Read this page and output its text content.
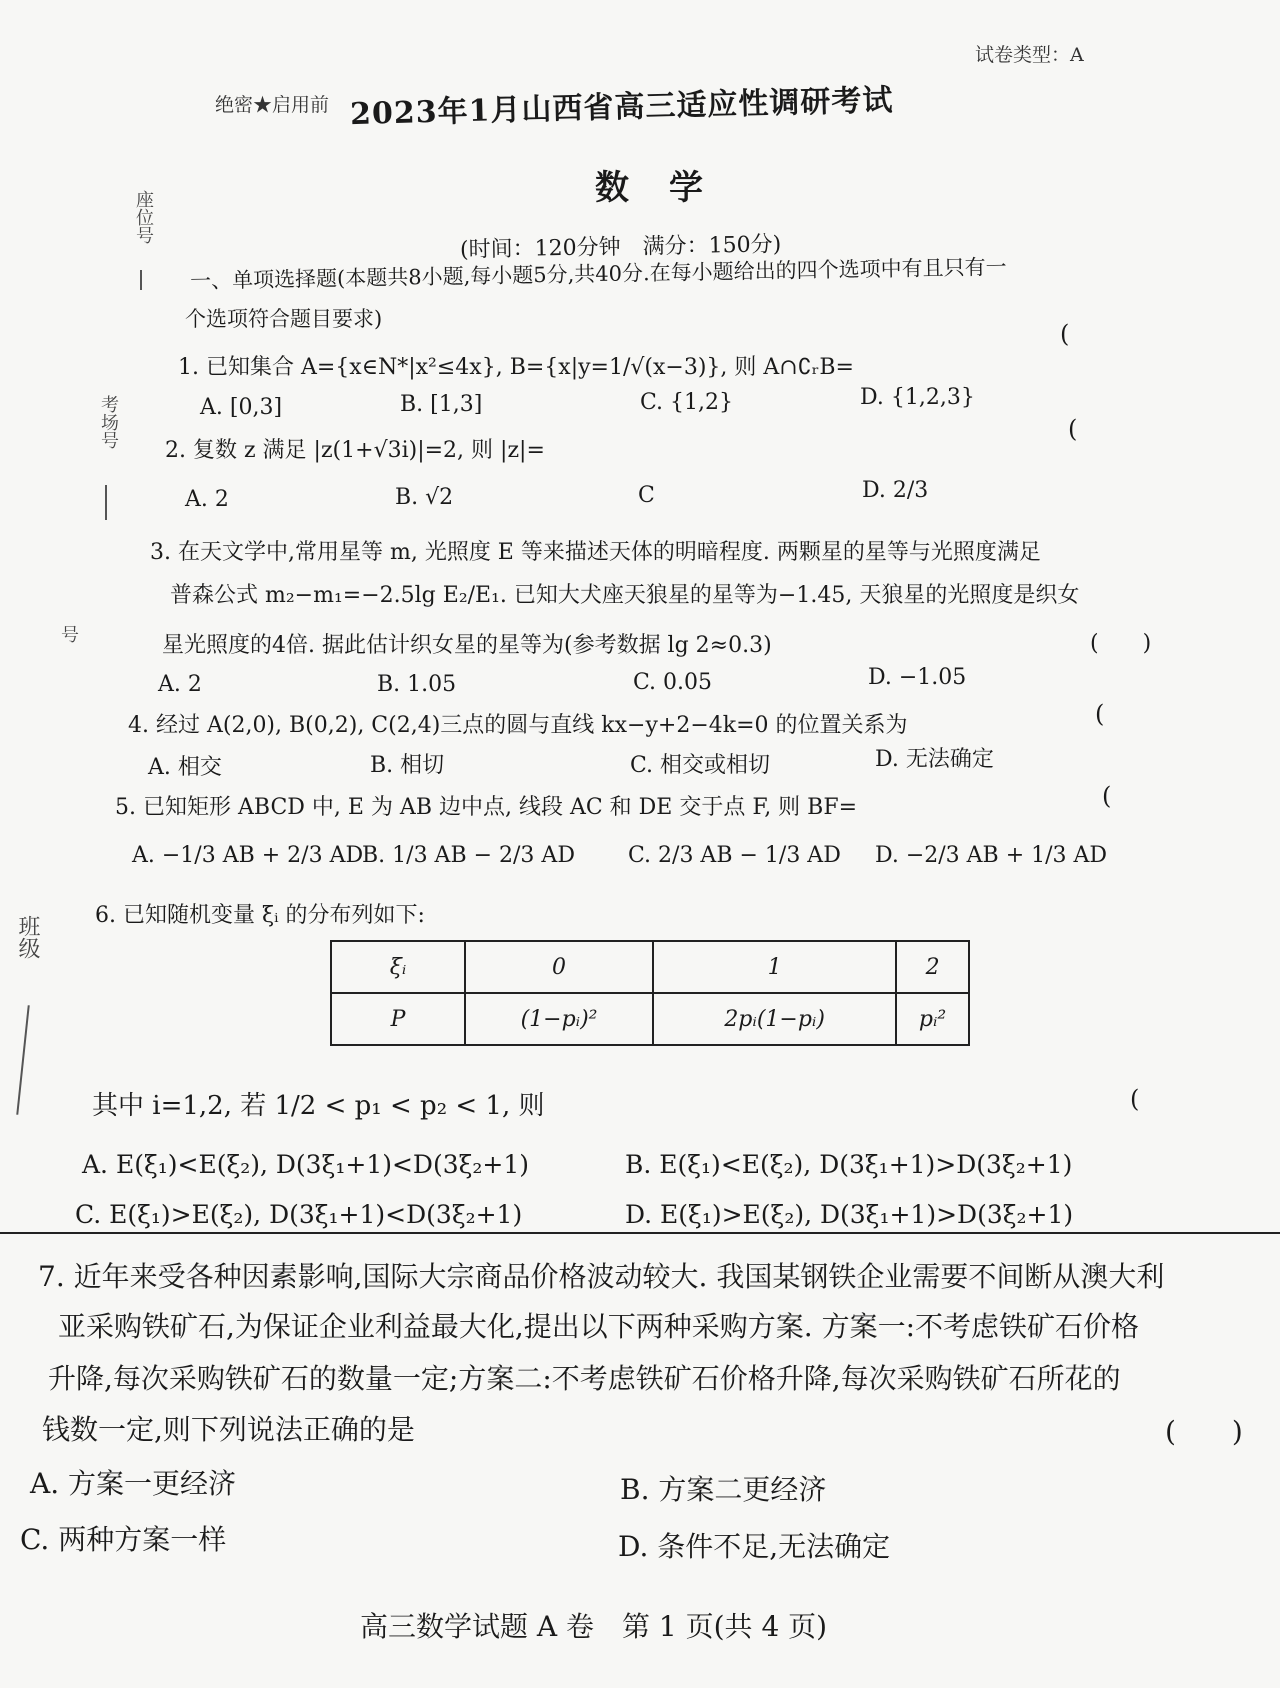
试卷类型：A
绝密★启用前 2023年1月山西省高三适应性调研考试
数学
(时间：120分钟　满分：150分)
座位号
考场号
号
班级
一、单项选择题(本题共8小题,每小题5分,共40分.在每小题给出的四个选项中有且只有一
个选项符合题目要求)
1. 已知集合 A={x∈N*|x²≤4x}, B={x|y=1/√(x−3)}, 则 A∩∁ᵣB=
(
A. [0,3]	B. [1,3]	C. {1,2}	D. {1,2,3}
2. 复数 z 满足 |z(1+√3i)|=2, 则 |z|=
(
A. 2	B. √2	C	D. 2/3
3. 在天文学中,常用星等 m, 光照度 E 等来描述天体的明暗程度. 两颗星的星等与光照度满足
普森公式 m₂−m₁=−2.5lg E₂/E₁. 已知大犬座天狼星的星等为−1.45, 天狼星的光照度是织女
星光照度的4倍. 据此估计织女星的星等为(参考数据 lg 2≈0.3)	(　　)
A. 2	B. 1.05	C. 0.05	D. −1.05
4. 经过 A(2,0), B(0,2), C(2,4)三点的圆与直线 kx−y+2−4k=0 的位置关系为	(
A. 相交	B. 相切	C. 相交或相切	D. 无法确定
5. 已知矩形 ABCD 中, E 为 AB 边中点, 线段 AC 和 DE 交于点 F, 则 BF=	(
A. −1/3 AB + 2/3 AD
B. 1/3 AB − 2/3 AD C. 2/3 AB − 1/3 AD D. −2/3 AB + 1/3 AD
6. 已知随机变量 ξᵢ 的分布列如下:
ξᵢ	0	1	2
P	(1−pᵢ)²	2pᵢ(1−pᵢ)	pᵢ²
其中 i=1,2, 若 1/2 < p₁ < p₂ < 1, 则	(
A. E(ξ₁)<E(ξ₂), D(3ξ₁+1)<D(3ξ₂+1)	B. E(ξ₁)<E(ξ₂), D(3ξ₁+1)>D(3ξ₂+1)
C. E(ξ₁)>E(ξ₂), D(3ξ₁+1)<D(3ξ₂+1)	D. E(ξ₁)>E(ξ₂), D(3ξ₁+1)>D(3ξ₂+1)
7. 近年来受各种因素影响,国际大宗商品价格波动较大. 我国某钢铁企业需要不间断从澳大利
亚采购铁矿石,为保证企业利益最大化,提出以下两种采购方案. 方案一:不考虑铁矿石价格
升降,每次采购铁矿石的数量一定;方案二:不考虑铁矿石价格升降,每次采购铁矿石所花的
钱数一定,则下列说法正确的是	(　　)
A. 方案一更经济	B. 方案二更经济
C. 两种方案一样	D. 条件不足,无法确定
高三数学试题 A 卷　第 1 页(共 4 页)
